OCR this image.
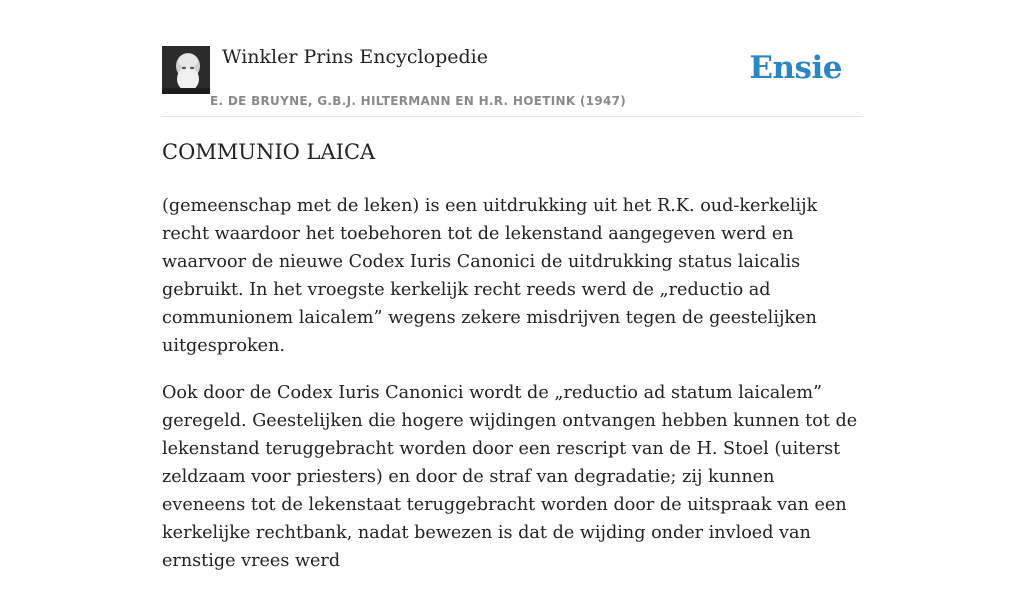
Winkler Prins Encyclopedie
E. DE BRUYNE, G.B.J. HILTERMANN EN H.R. HOETINK (1947)
Ensie
COMMUNIO LAICA

(gemeenschap met de leken) is een uitdrukking uit het R.K. oud-kerkelijk recht waardoor het toebehoren tot de lekenstand aangegeven werd en waarvoor de nieuwe Codex Iuris Canonici de uitdrukking status laicalis gebruikt. In het vroegste kerkelijk recht reeds werd de „reductio ad communionem laicalem” wegens zekere misdrijven tegen de geestelijken uitgesproken.

Ook door de Codex Iuris Canonici wordt de „reductio ad statum laicalem” geregeld. Geestelijken die hogere wijdingen ontvangen hebben kunnen tot de lekenstand teruggebracht worden door een rescript van de H. Stoel (uiterst zeldzaam voor priesters) en door de straf van degradatie; zij kunnen eveneens tot de lekenstaat teruggebracht worden door de uitspraak van een kerkelijke rechtbank, nadat bewezen is dat de wijding onder invloed van ernstige vrees werd
